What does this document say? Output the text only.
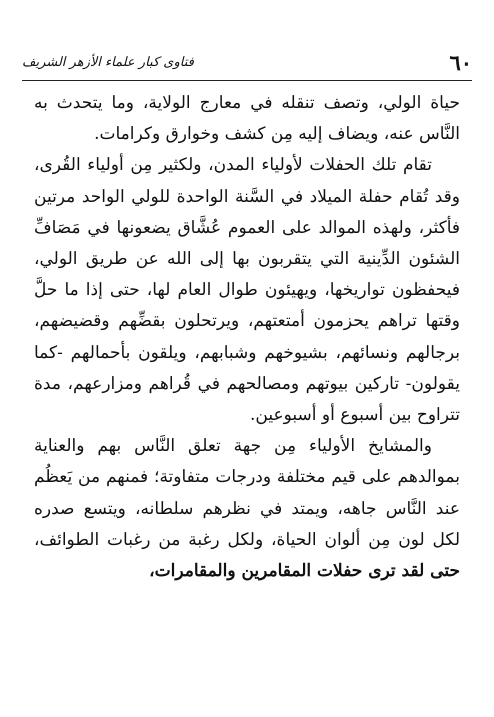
٦٠
فتاوى كبار علماء الأزهر الشريف

حياة الولي، وتصف تنقله في معارج الولاية، وما يتحدث به النَّاس عنه، ويضاف إليه مِن كشف وخوارق وكرامات.

تقام تلك الحفلات لأولياء المدن، ولكثير مِن أولياء القُرى، وقد تُقام حفلة الميلاد في السَّنة الواحدة للولي الواحد مرتين فأكثر، ولهذه الموالد على العموم عُشَّاق يضعونها في مَصَافِّ الشئون الدِّينية التي يتقربون بها إلى الله عن طريق الولي، فيحفظون تواريخها، ويهيئون طوال العام لها، حتى إذا ما حلَّ وقتها تراهم يحزمون أمتعتهم، ويرتحلون بقضِّهم وقضيضهم، برجالهم ونسائهم، بشيوخهم وشبابهم، ويلقون بأحمالهم -كما يقولون- تاركين بيوتهم ومصالحهم في قُراهم ومزارعهم، مدة تتراوح بين أسبوع أو أسبوعين.

والمشايخ الأولياء مِن جهة تعلق النَّاس بهم والعناية بموالدهم على قيم مختلفة ودرجات متفاوتة؛ فمنهم من يَعظُم عند النَّاس جاهه، ويمتد في نظرهم سلطانه، ويتسع صدره لكل لون مِن ألوان الحياة، ولكل رغبة من رغبات الطوائف، حتى لقد ترى حفلات المقامرين والمقامرات،
